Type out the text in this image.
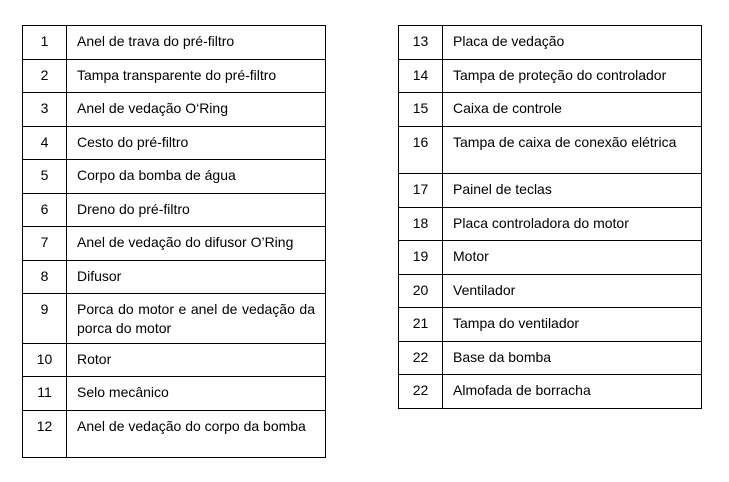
1	Anel de trava do pré-filtro
2	Tampa transparente do pré-filtro
3	Anel de vedação O‘Ring
4	Cesto do pré-filtro
5	Corpo da bomba de água
6	Dreno do pré-filtro
7	Anel de vedação do difusor O’Ring
8	Difusor
9	Porca do motor e anel de vedação da porca do motor
10	Rotor
11	Selo mecânico
12	Anel de vedação do corpo da bomba
13	Placa de vedação
14	Tampa de proteção do controlador
15	Caixa de controle
16	Tampa de caixa de conexão elétrica
17	Painel de teclas
18	Placa controladora do motor
19	Motor
20	Ventilador
21	Tampa do ventilador
22	Base da bomba
22	Almofada de borracha
